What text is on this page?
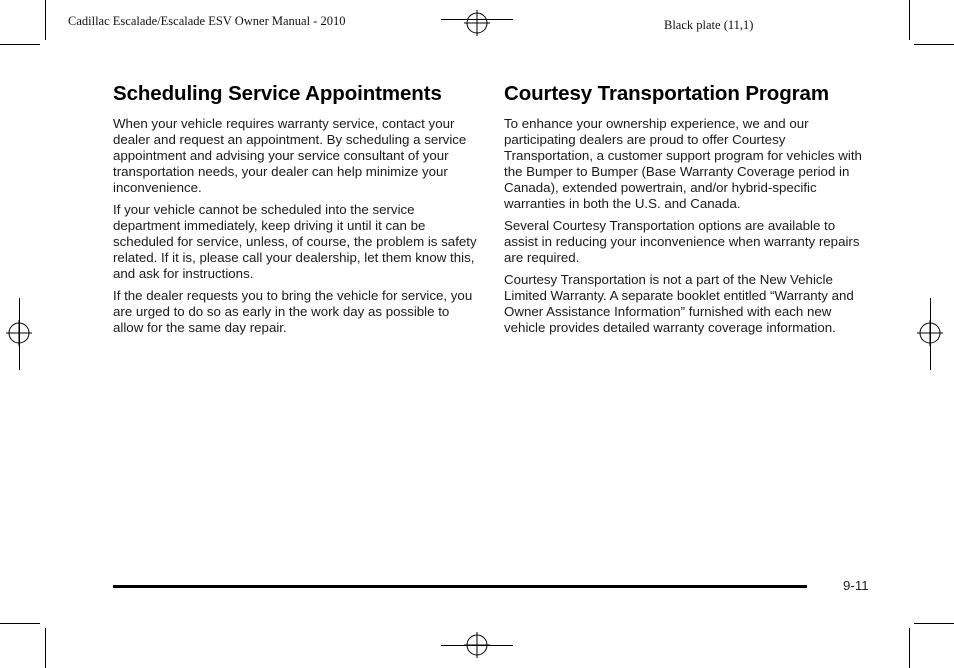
Cadillac Escalade/Escalade ESV Owner Manual - 2010	Black plate (11,1)
Scheduling Service Appointments

When your vehicle requires warranty service, contact your dealer and request an appointment. By scheduling a service appointment and advising your service consultant of your transportation needs, your dealer can help minimize your inconvenience.

If your vehicle cannot be scheduled into the service department immediately, keep driving it until it can be scheduled for service, unless, of course, the problem is safety related. If it is, please call your dealership, let them know this, and ask for instructions.

If the dealer requests you to bring the vehicle for service, you are urged to do so as early in the work day as possible to allow for the same day repair.

Courtesy Transportation Program

To enhance your ownership experience, we and our participating dealers are proud to offer Courtesy Transportation, a customer support program for vehicles with the Bumper to Bumper (Base Warranty Coverage period in Canada), extended powertrain, and/or hybrid-specific warranties in both the U.S. and Canada.

Several Courtesy Transportation options are available to assist in reducing your inconvenience when warranty repairs are required.

Courtesy Transportation is not a part of the New Vehicle Limited Warranty. A separate booklet entitled “Warranty and Owner Assistance Information” furnished with each new vehicle provides detailed warranty coverage information.

9-11
